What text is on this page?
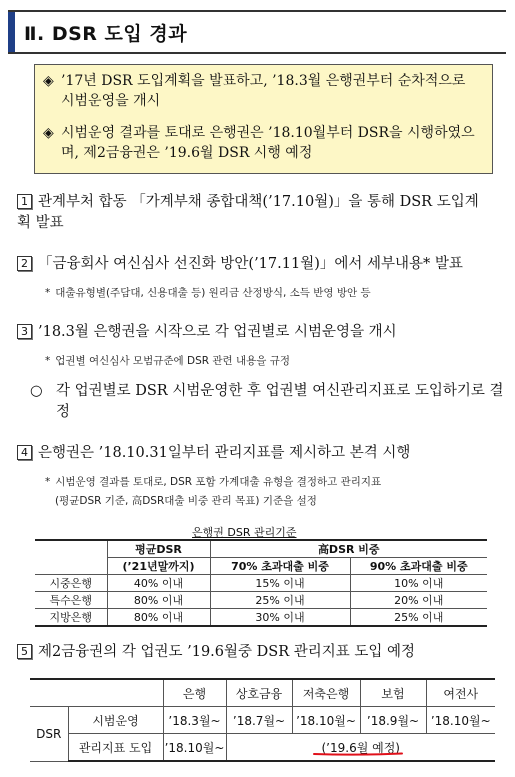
Ⅱ. DSR 도입 경과
◈ ’17년 DSR 도입계획을 발표하고, ’18.3월 은행권부터 순차적으로 시범운영을 개시
◈ 시범운영 결과를 토대로 은행권은 ’18.10월부터 DSR을 시행하였으며, 제2금융권은 ’19.6월 DSR 시행 예정
1 관계부처 합동 「가계부채 종합대책(’17.10월)」을 통해 DSR 도입계획 발표
2 「금융회사 여신심사 선진화 방안(’17.11월)」에서 세부내용* 발표
* 대출유형별(주담대, 신용대출 등) 원리금 산정방식, 소득 반영 방안 등
3 ’18.3월 은행권을 시작으로 각 업권별로 시범운영을 개시
* 업권별 여신심사 모범규준에 DSR 관련 내용을 규정
○ 각 업권별로 DSR 시범운영한 후 업권별 여신관리지표로 도입하기로 결정
4 은행권은 ’18.10.31일부터 관리지표를 제시하고 본격 시행
* 시범운영 결과를 토대로, DSR 포함 가계대출 유형을 결정하고 관리지표
(평균DSR 기준, 高DSR대출 비중 관리 목표) 기준을 설정
은행권 DSR 관리기준
	평균DSR	高DSR 비중	
	(’21년말까지)	70% 초과대출 비중	90% 초과대출 비중
시중은행	40% 이내	15% 이내	10% 이내
특수은행	80% 이내	25% 이내	20% 이내
지방은행	80% 이내	30% 이내	25% 이내
5 제2금융권의 각 업권도 ’19.6월중 DSR 관리지표 도입 예정
		은행	상호금융	저축은행	보험	여전사
DSR	시범운영	’18.3월~	’18.7월~	’18.10월~	’18.9월~	’18.10월~
	관리지표 도입	’18.10월~	(’19.6월 예정)			
